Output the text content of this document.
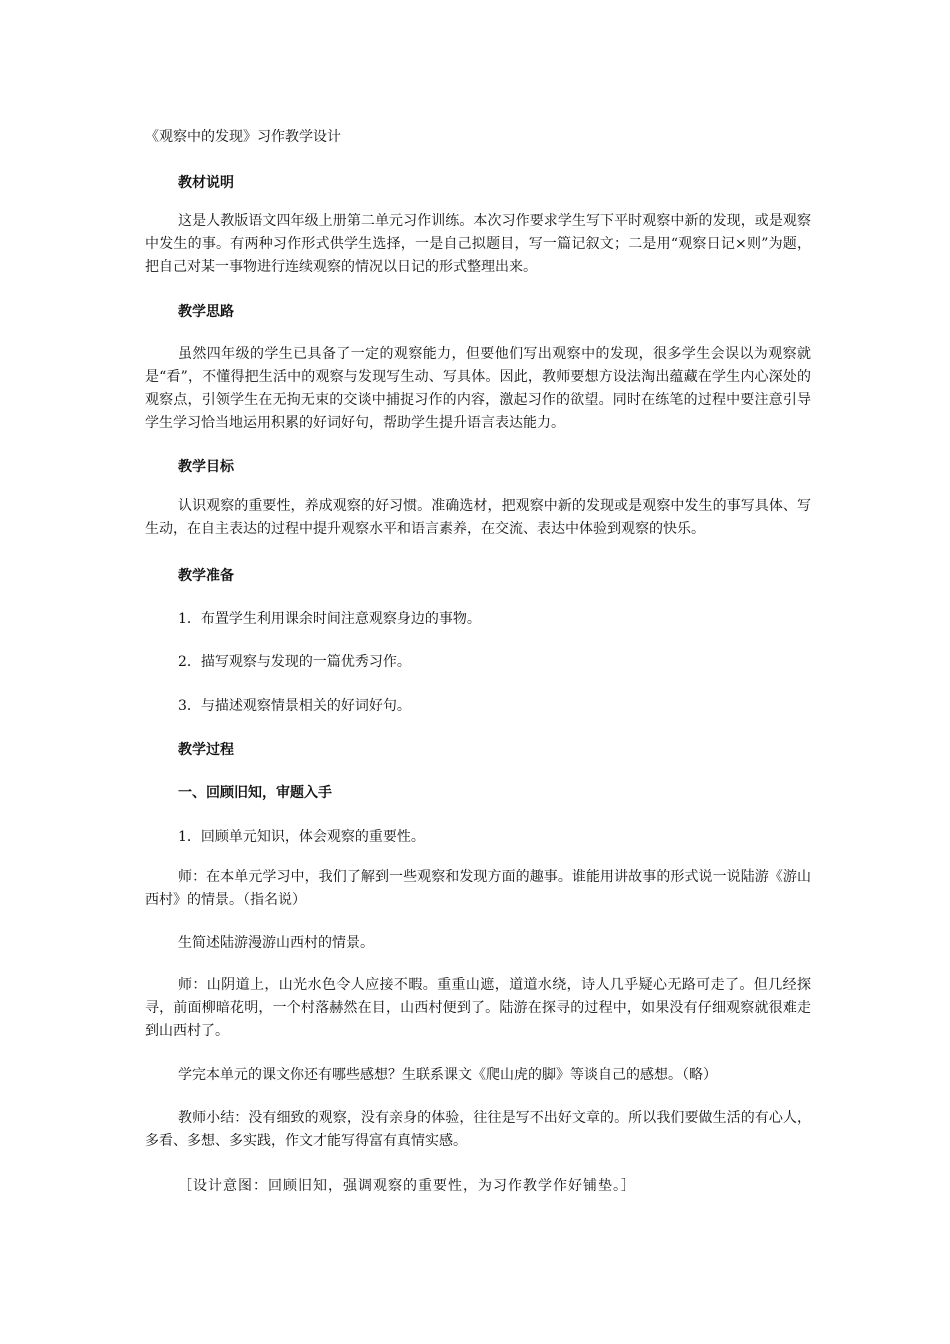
《观察中的发现》习作教学设计
教材说明
这是人教版语文四年级上册第二单元习作训练。本次习作要求学生写下平时观察中新的发现，或是观察中发生的事。有两种习作形式供学生选择，一是自己拟题目，写一篇记叙文；二是用“观察日记×则”为题，把自己对某一事物进行连续观察的情况以日记的形式整理出来。
教学思路
虽然四年级的学生已具备了一定的观察能力，但要他们写出观察中的发现，很多学生会误以为观察就是“看”，不懂得把生活中的观察与发现写生动、写具体。因此，教师要想方设法淘出蕴藏在学生内心深处的观察点，引领学生在无拘无束的交谈中捕捉习作的内容，激起习作的欲望。同时在练笔的过程中要注意引导学生学习恰当地运用积累的好词好句，帮助学生提升语言表达能力。
教学目标
认识观察的重要性，养成观察的好习惯。准确选材，把观察中新的发现或是观察中发生的事写具体、写生动，在自主表达的过程中提升观察水平和语言素养，在交流、表达中体验到观察的快乐。
教学准备
1．布置学生利用课余时间注意观察身边的事物。
2．描写观察与发现的一篇优秀习作。
3．与描述观察情景相关的好词好句。
教学过程
一、回顾旧知，审题入手
1．回顾单元知识，体会观察的重要性。
师：在本单元学习中，我们了解到一些观察和发现方面的趣事。谁能用讲故事的形式说一说陆游《游山西村》的情景。（指名说）
生简述陆游漫游山西村的情景。
师：山阴道上，山光水色令人应接不暇。重重山遮，道道水绕，诗人几乎疑心无路可走了。但几经探寻，前面柳暗花明，一个村落赫然在目，山西村便到了。陆游在探寻的过程中，如果没有仔细观察就很难走到山西村了。
学完本单元的课文你还有哪些感想？生联系课文《爬山虎的脚》等谈自己的感想。（略）
教师小结：没有细致的观察，没有亲身的体验，往往是写不出好文章的。所以我们要做生活的有心人，多看、多想、多实践，作文才能写得富有真情实感。
［设计意图：回顾旧知，强调观察的重要性，为习作教学作好铺垫。］
